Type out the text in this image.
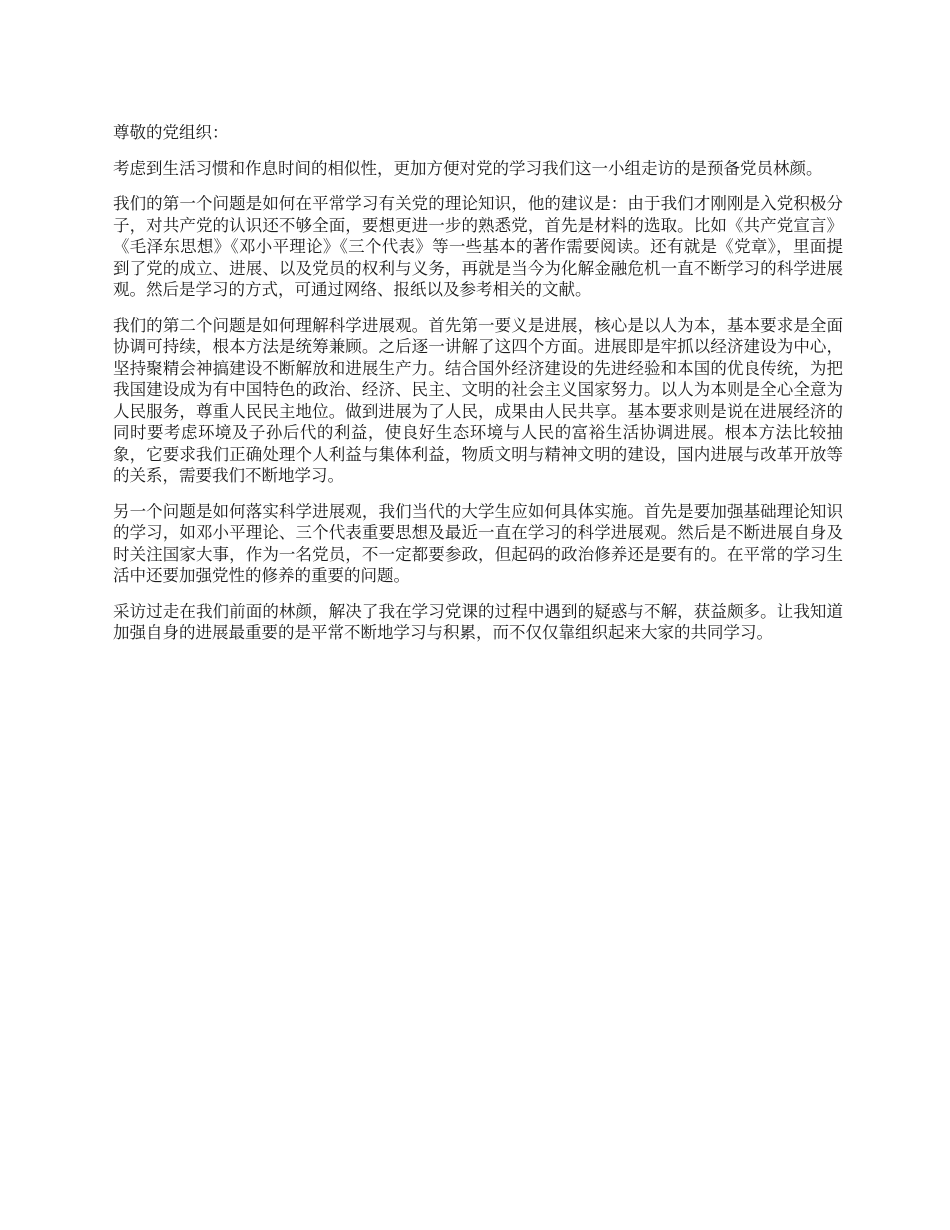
尊敬的党组织：

考虑到生活习惯和作息时间的相似性，更加方便对党的学习我们这一小组走访的是预备党员林颜。

我们的第一个问题是如何在平常学习有关党的理论知识，他的建议是：由于我们才刚刚是入党积极分子，对共产党的认识还不够全面，要想更进一步的熟悉党，首先是材料的选取。比如《共产党宣言》《毛泽东思想》《邓小平理论》《三个代表》等一些基本的著作需要阅读。还有就是《党章》，里面提到了党的成立、进展、以及党员的权利与义务，再就是当今为化解金融危机一直不断学习的科学进展观。然后是学习的方式，可通过网络、报纸以及参考相关的文献。

我们的第二个问题是如何理解科学进展观。首先第一要义是进展，核心是以人为本，基本要求是全面协调可持续，根本方法是统筹兼顾。之后逐一讲解了这四个方面。进展即是牢抓以经济建设为中心，坚持聚精会神搞建设不断解放和进展生产力。结合国外经济建设的先进经验和本国的优良传统，为把我国建设成为有中国特色的政治、经济、民主、文明的社会主义国家努力。以人为本则是全心全意为人民服务，尊重人民民主地位。做到进展为了人民，成果由人民共享。基本要求则是说在进展经济的同时要考虑环境及子孙后代的利益，使良好生态环境与人民的富裕生活协调进展。根本方法比较抽象，它要求我们正确处理个人利益与集体利益，物质文明与精神文明的建设，国内进展与改革开放等的关系，需要我们不断地学习。

另一个问题是如何落实科学进展观，我们当代的大学生应如何具体实施。首先是要加强基础理论知识的学习，如邓小平理论、三个代表重要思想及最近一直在学习的科学进展观。然后是不断进展自身及时关注国家大事，作为一名党员，不一定都要参政，但起码的政治修养还是要有的。在平常的学习生活中还要加强党性的修养的重要的问题。

采访过走在我们前面的林颜，解决了我在学习党课的过程中遇到的疑惑与不解，获益颇多。让我知道加强自身的进展最重要的是平常不断地学习与积累，而不仅仅靠组织起来大家的共同学习。
